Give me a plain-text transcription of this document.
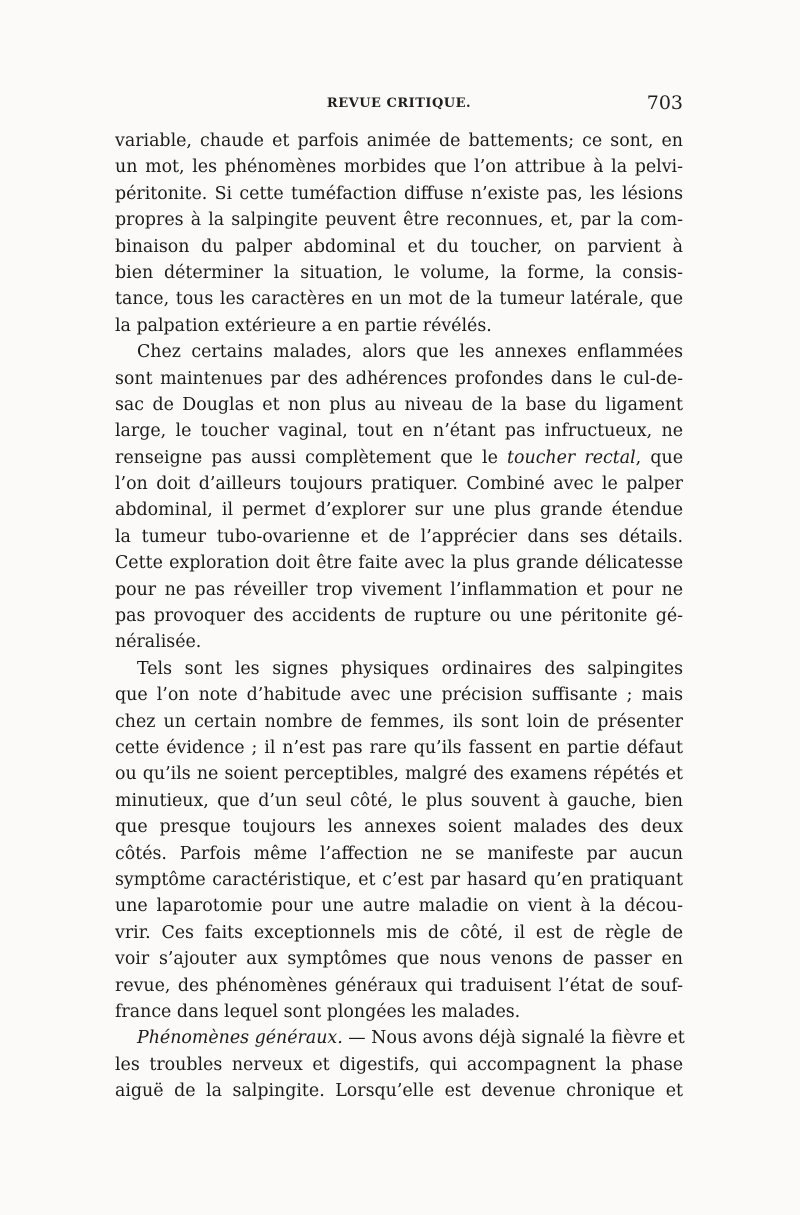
REVUE CRITIQUE.	703
variable, chaude et parfois animée de battements; ce sont, en
un mot, les phénomènes morbides que l’on attribue à la pelvi-
péritonite. Si cette tuméfaction diffuse n’existe pas, les lésions
propres à la salpingite peuvent être reconnues, et, par la com-
binaison du palper abdominal et du toucher, on parvient à
bien déterminer la situation, le volume, la forme, la consis-
tance, tous les caractères en un mot de la tumeur latérale, que
la palpation extérieure a en partie révélés.
Chez certains malades, alors que les annexes enflammées
sont maintenues par des adhérences profondes dans le cul-de-
sac de Douglas et non plus au niveau de la base du ligament
large, le toucher vaginal, tout en n’étant pas infructueux, ne
renseigne pas aussi complètement que le toucher rectal, que
l’on doit d’ailleurs toujours pratiquer. Combiné avec le palper
abdominal, il permet d’explorer sur une plus grande étendue
la tumeur tubo-ovarienne et de l’apprécier dans ses détails.
Cette exploration doit être faite avec la plus grande délicatesse
pour ne pas réveiller trop vivement l’inflammation et pour ne
pas provoquer des accidents de rupture ou une péritonite gé-
néralisée.
Tels sont les signes physiques ordinaires des salpingites
que l’on note d’habitude avec une précision suffisante ; mais
chez un certain nombre de femmes, ils sont loin de présenter
cette évidence ; il n’est pas rare qu’ils fassent en partie défaut
ou qu’ils ne soient perceptibles, malgré des examens répétés et
minutieux, que d’un seul côté, le plus souvent à gauche, bien
que presque toujours les annexes soient malades des deux
côtés. Parfois même l’affection ne se manifeste par aucun
symptôme caractéristique, et c’est par hasard qu’en pratiquant
une laparotomie pour une autre maladie on vient à la décou-
vrir. Ces faits exceptionnels mis de côté, il est de règle de
voir s’ajouter aux symptômes que nous venons de passer en
revue, des phénomènes généraux qui traduisent l’état de souf-
france dans lequel sont plongées les malades.
Phénomènes généraux. — Nous avons déjà signalé la fièvre et
les troubles nerveux et digestifs, qui accompagnent la phase
aiguë de la salpingite. Lorsqu’elle est devenue chronique et
